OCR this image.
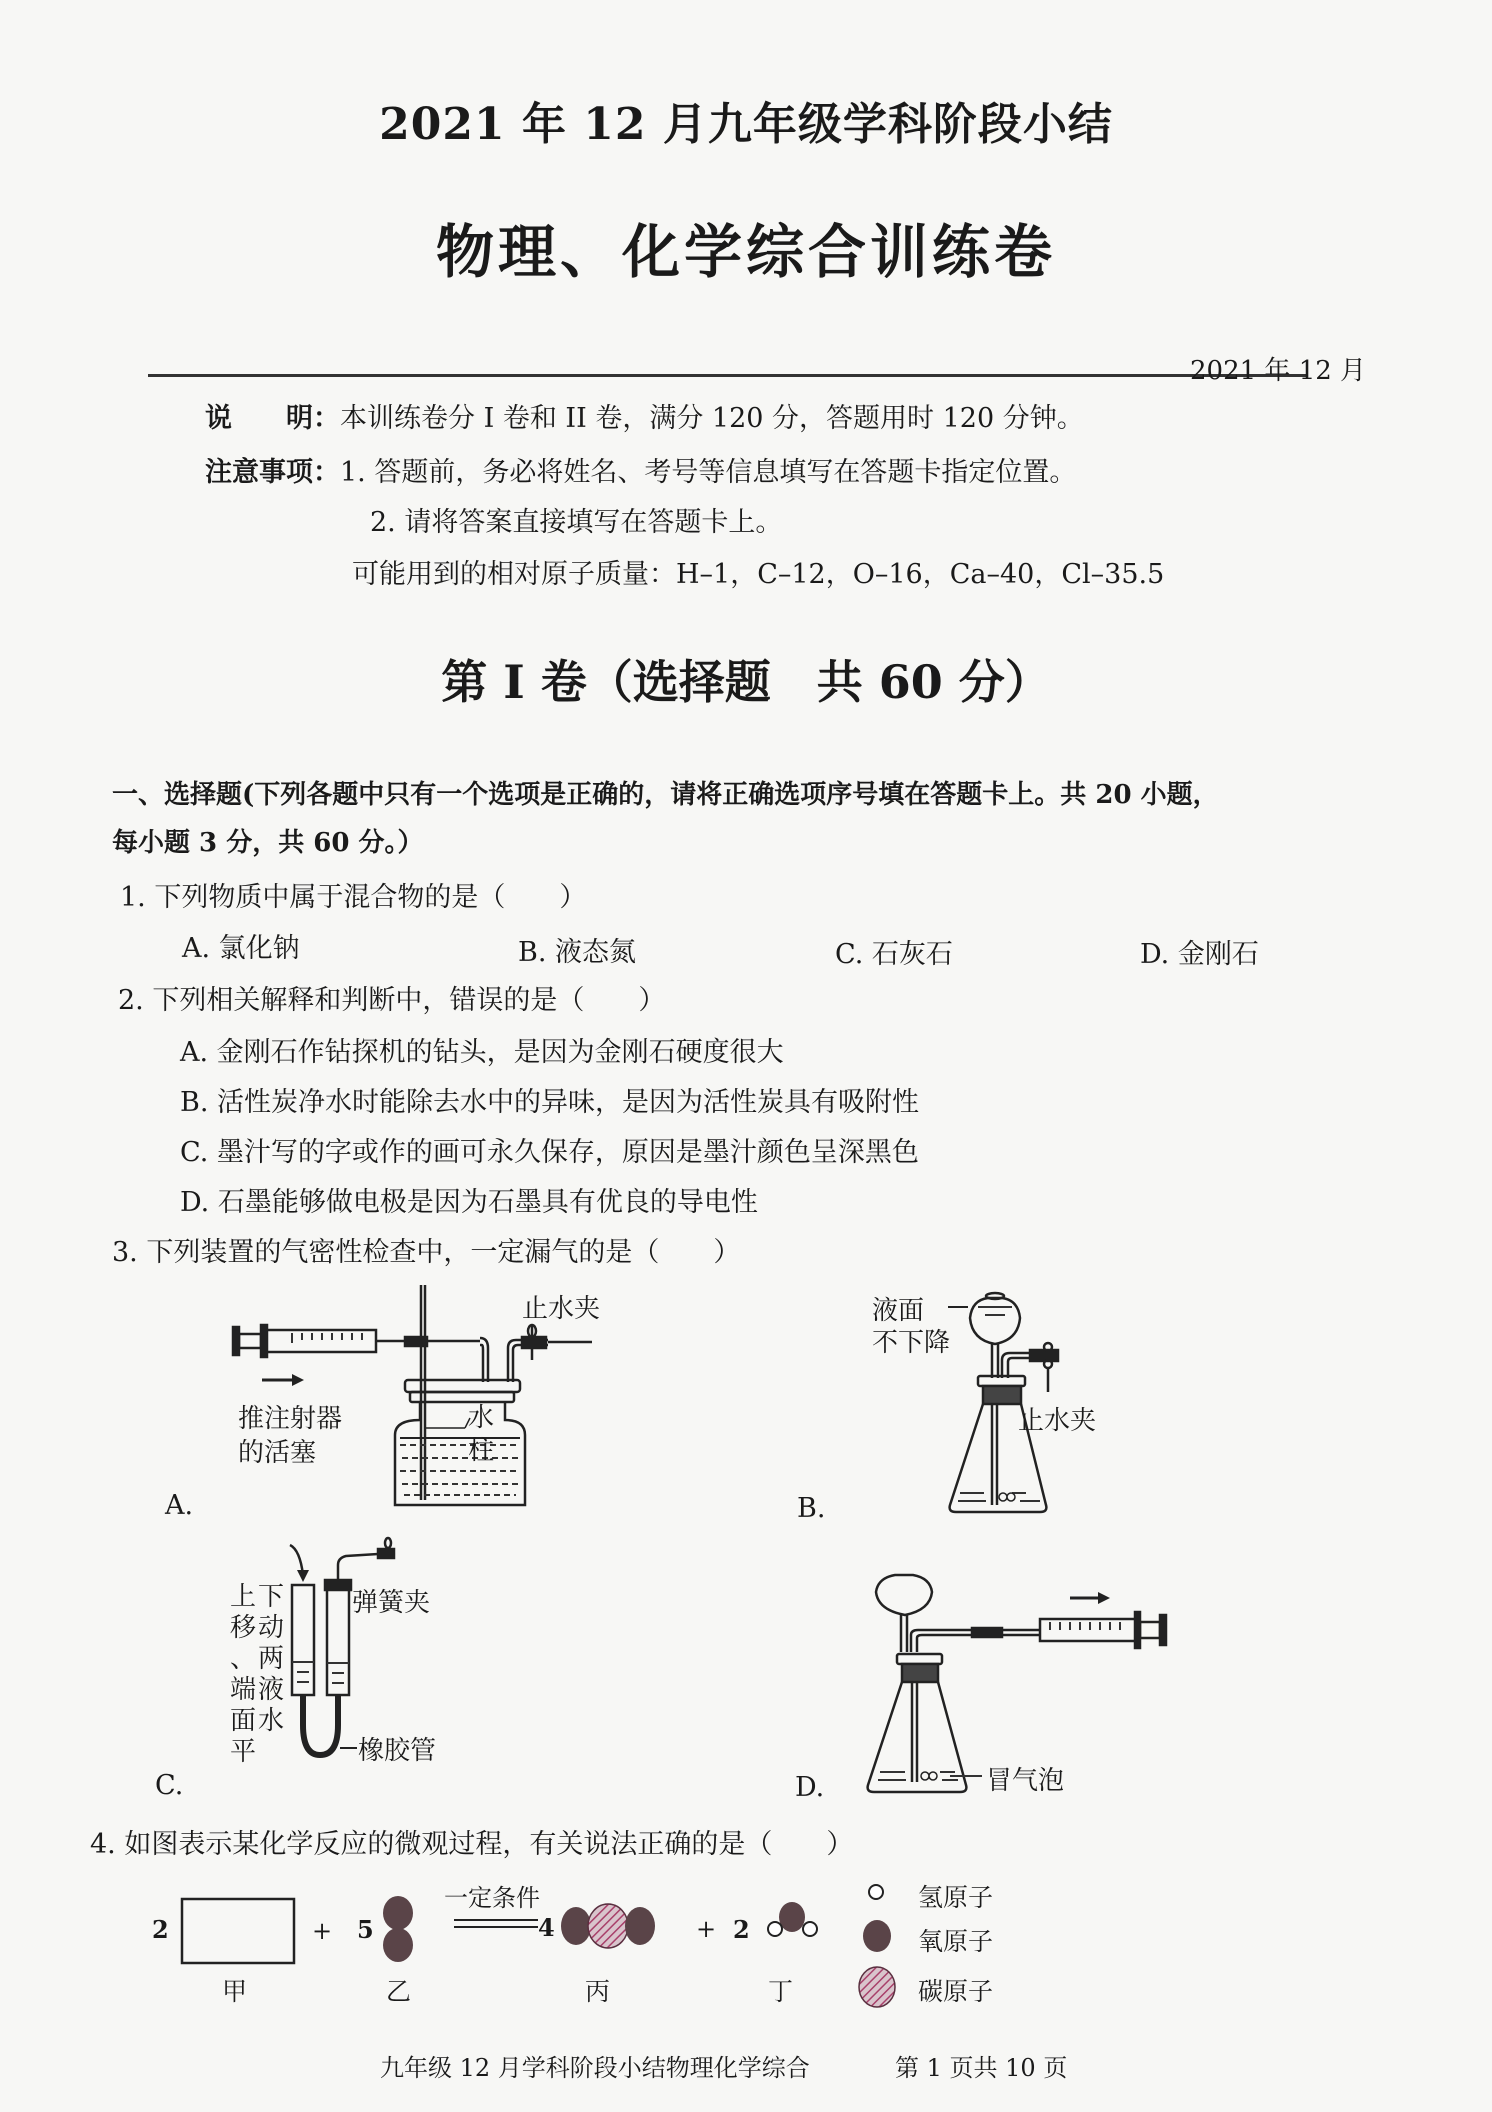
2021 年 12 月九年级学科阶段小结
物理、化学综合训练卷
2021 年 12 月
说　　明：本训练卷分 I 卷和 II 卷，满分 120 分，答题用时 120 分钟。
注意事项：1. 答题前，务必将姓名、考号等信息填写在答题卡指定位置。
2. 请将答案直接填写在答题卡上。
可能用到的相对原子质量：H–1，C–12，O–16，Ca–40，Cl–35.5
第 I 卷（选择题　共 60 分）
一、选择题(下列各题中只有一个选项是正确的，请将正确选项序号填在答题卡上。共 20 小题，
每小题 3 分，共 60 分。）
1. 下列物质中属于混合物的是（　　）
A. 氯化钠	B. 液态氮	C. 石灰石	D. 金刚石
2. 下列相关解释和判断中，错误的是（　　）
A. 金刚石作钻探机的钻头，是因为金刚石硬度很大
B. 活性炭净水时能除去水中的异味，是因为活性炭具有吸附性
C. 墨汁写的字或作的画可永久保存，原因是墨汁颜色呈深黑色
D. 石墨能够做电极是因为石墨具有优良的导电性
3. 下列装置的气密性检查中，一定漏气的是（　　）
止水夹
推注射器
的活塞
水
柱
A.
液面
不下降
止水夹
B.
上
移
、
端
面
平
下
动
两
液
水
弹簧夹
橡胶管
C.	冒气泡
D.
4. 如图表示某化学反应的微观过程，有关说法正确的是（　　）
2	+ 5
一定条件
4	+ 2
甲	乙	丙	丁
氢原子
氧原子
碳原子
九年级 12 月学科阶段小结物理化学综合	第 1 页共 10 页
